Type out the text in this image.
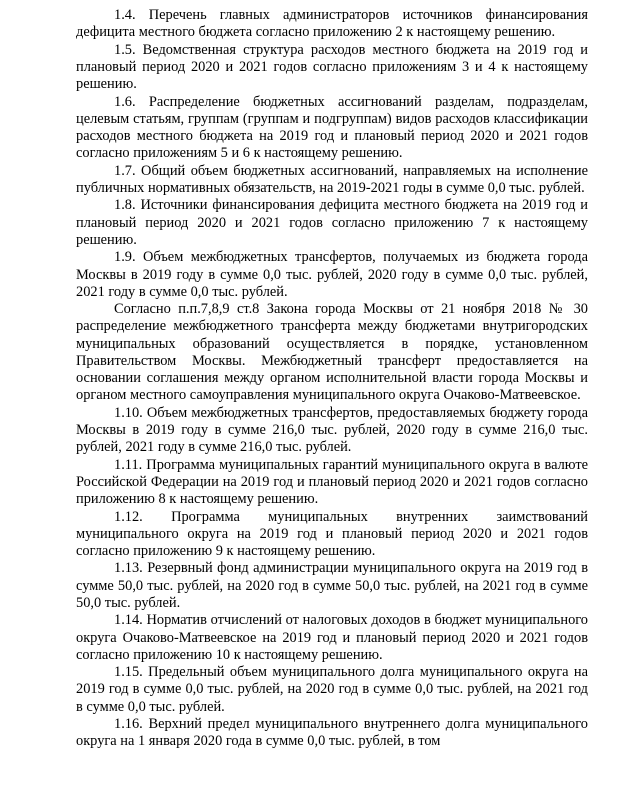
1.4. Перечень главных администраторов источников финансирования дефицита местного бюджета согласно приложению 2 к настоящему решению.

1.5. Ведомственная структура расходов местного бюджета на 2019 год и плановый период 2020 и 2021 годов согласно приложениям 3 и 4 к настоящему решению.

1.6. Распределение бюджетных ассигнований разделам, подразделам, целевым статьям, группам (группам и подгруппам) видов расходов классификации расходов местного бюджета на 2019 год и плановый период 2020 и 2021 годов согласно приложениям 5 и 6 к настоящему решению.

1.7. Общий объем бюджетных ассигнований, направляемых на исполнение публичных нормативных обязательств, на 2019-2021 годы в сумме 0,0 тыс. рублей.

1.8. Источники финансирования дефицита местного бюджета на 2019 год и плановый период 2020 и 2021 годов согласно приложению 7 к настоящему решению.

1.9. Объем межбюджетных трансфертов, получаемых из бюджета города Москвы в 2019 году в сумме 0,0 тыс. рублей, 2020 году в сумме 0,0 тыс. рублей, 2021 году в сумме 0,0 тыс. рублей.

Согласно п.п.7,8,9 ст.8 Закона города Москвы от 21 ноября 2018 № 30 распределение межбюджетного трансферта между бюджетами внутригородских муниципальных образований осуществляется в порядке, установленном Правительством Москвы. Межбюджетный трансферт предоставляется на основании соглашения между органом исполнительной власти города Москвы и органом местного самоуправления муниципального округа Очаково-Матвеевское.

1.10. Объем межбюджетных трансфертов, предоставляемых бюджету города Москвы в 2019 году в сумме 216,0 тыс. рублей, 2020 году в сумме 216,0 тыс. рублей, 2021 году в сумме 216,0 тыс. рублей.

1.11. Программа муниципальных гарантий муниципального округа в валюте Российской Федерации на 2019 год и плановый период 2020 и 2021 годов согласно приложению 8 к настоящему решению.

1.12. Программа муниципальных внутренних заимствований муниципального округа на 2019 год и плановый период 2020 и 2021 годов согласно приложению 9 к настоящему решению.

1.13. Резервный фонд администрации муниципального округа на 2019 год в сумме 50,0 тыс. рублей, на 2020 год в сумме 50,0 тыс. рублей, на 2021 год в сумме 50,0 тыс. рублей.

1.14. Норматив отчислений от налоговых доходов в бюджет муниципального округа Очаково-Матвеевское на 2019 год и плановый период 2020 и 2021 годов согласно приложению 10 к настоящему решению.

1.15. Предельный объем муниципального долга муниципального округа на 2019 год в сумме 0,0 тыс. рублей, на 2020 год в сумме 0,0 тыс. рублей, на 2021 год в сумме 0,0 тыс. рублей.

1.16. Верхний предел муниципального внутреннего долга муниципального округа на 1 января 2020 года в сумме 0,0 тыс. рублей, в том
